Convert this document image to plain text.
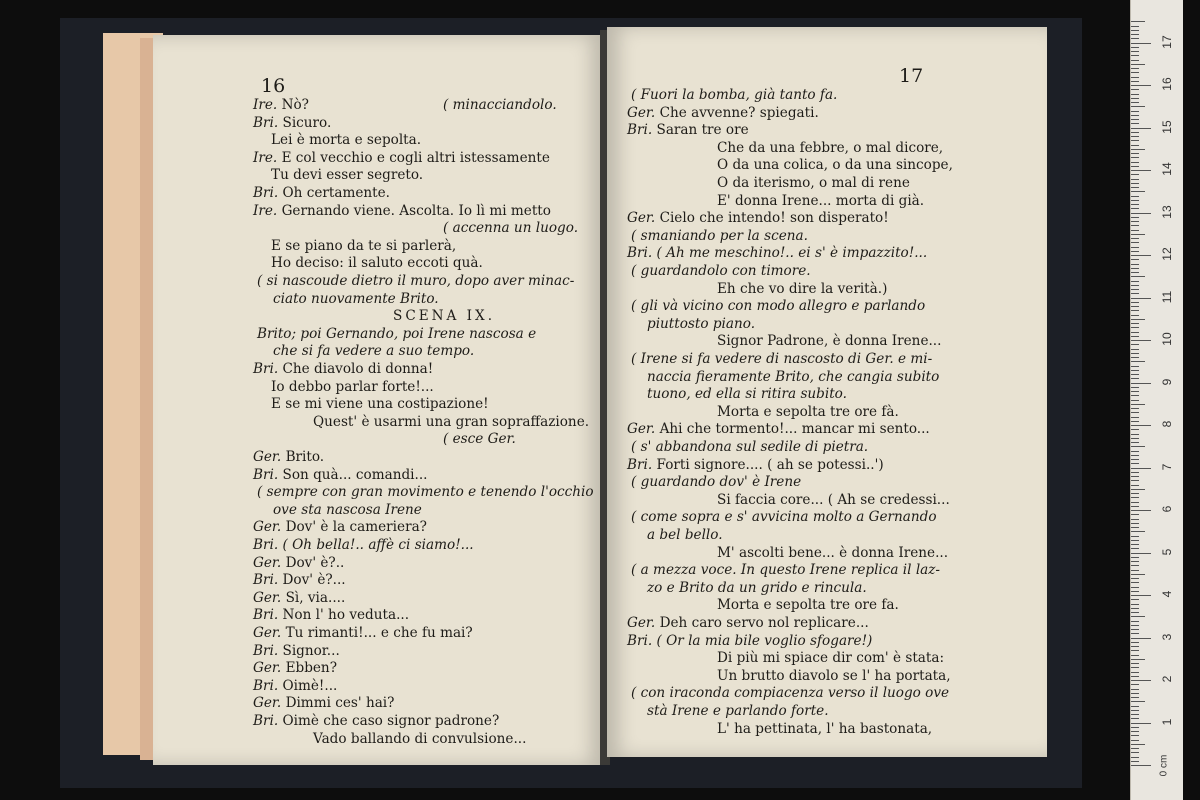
16
Ire. Nò?	( minacciandolo.
Bri. Sicuro.
Lei è morta e sepolta.
Ire. E col vecchio e cogli altri istessamente
Tu devi esser segreto.
Bri. Oh certamente.
Ire. Gernando viene. Ascolta. Io lì mi metto
( accenna un luogo.
E se piano da te si parlerà,
Ho deciso: il saluto eccoti quà.
( si nascoude dietro il muro, dopo aver minac-
ciato nuovamente Brito.
SCENA IX.
Brito; poi Gernando, poi Irene nascosa e
che si fa vedere a suo tempo.
Bri. Che diavolo di donna!
Io debbo parlar forte!...
E se mi viene una costipazione!
Quest' è usarmi una gran sopraffazione.
( esce Ger.
Ger. Brito.
Bri. Son quà... comandi...
( sempre con gran movimento e tenendo l'occhio
ove sta nascosa Irene
Ger. Dov' è la cameriera?
Bri. ( Oh bella!.. affè ci siamo!...
Ger. Dov' è?..
Bri. Dov' è?...
Ger. Sì, via....
Bri. Non l' ho veduta...
Ger. Tu rimanti!... e che fu mai?
Bri. Signor...
Ger. Ebben?
Bri. Oimè!...
Ger. Dimmi ces' hai?
Bri. Oimè che caso signor padrone?
Vado ballando di convulsione...
17
( Fuori la bomba, già tanto fa.
Ger. Che avvenne? spiegati.
Bri. Saran tre ore
Che da una febbre, o mal dicore,
O da una colica, o da una sincope,
O da iterismo, o mal di rene
E' donna Irene... morta di già.
Ger. Cielo che intendo! son disperato!
( smaniando per la scena.
Bri. ( Ah me meschino!.. ei s' è impazzito!...
( guardandolo con timore.
Eh che vo dire la verità.)
( gli và vicino con modo allegro e parlando
piuttosto piano.
Signor Padrone, è donna Irene...
( Irene si fa vedere di nascosto di Ger. e mi-
naccia fieramente Brito, che cangia subito
tuono, ed ella si ritira subito.
Morta e sepolta tre ore fà.
Ger. Ahi che tormento!... mancar mi sento...
( s' abbandona sul sedile di pietra.
Bri. Forti signore.... ( ah se potessi..')
( guardando dov' è Irene
Si faccia core... ( Ah se credessi...
( come sopra e s' avvicina molto a Gernando
a bel bello.
M' ascolti bene... è donna Irene...
( a mezza voce. In questo Irene replica il laz-
zo e Brito da un grido e rincula.
Morta e sepolta tre ore fa.
Ger. Deh caro servo nol replicare...
Bri. ( Or la mia bile voglio sfogare!)
Di più mi spiace dir com' è stata:
Un brutto diavolo se l' ha portata,
( con iraconda compiacenza verso il luogo ove
stà Irene e parlando forte.
L' ha pettinata, l' ha bastonata,	1
2
3
4
5
6
7
8
9
10
11
12
13
14
15
16
17
0 cm
